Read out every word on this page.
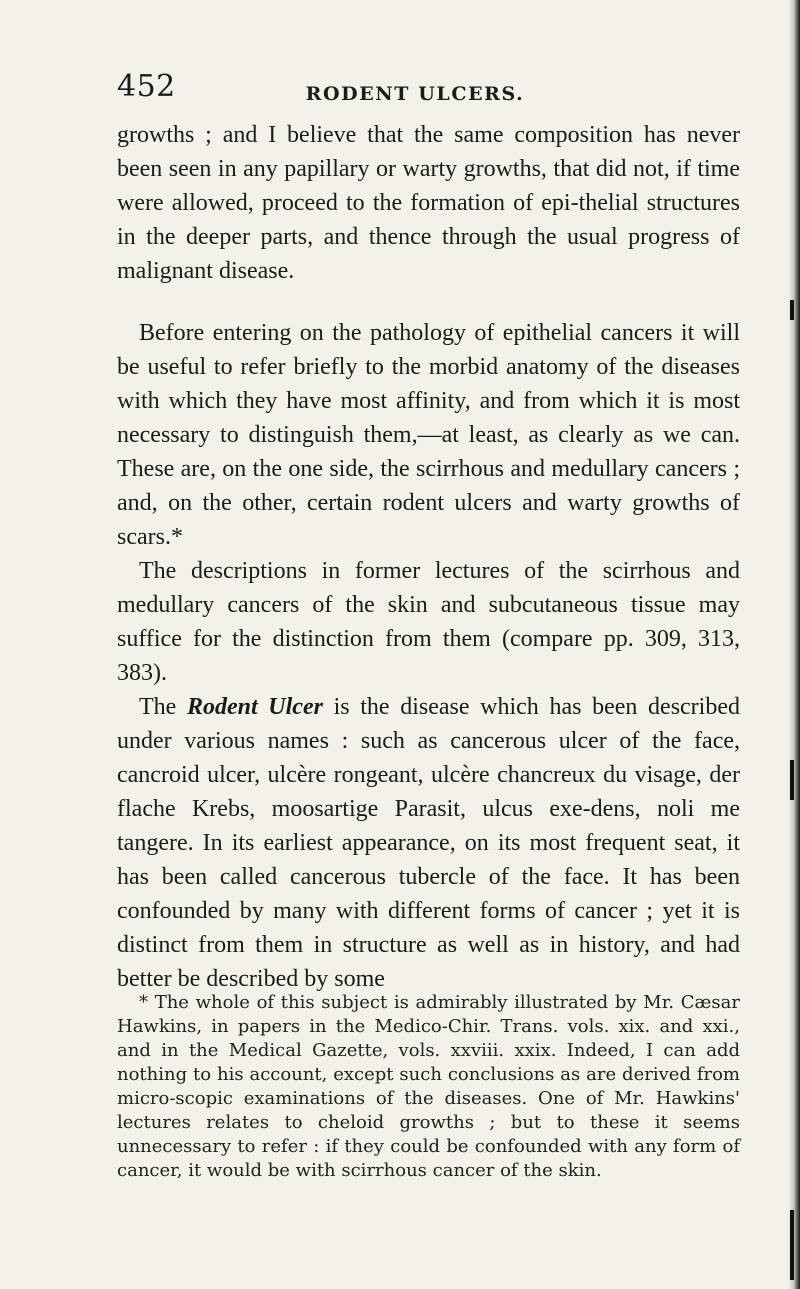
452	RODENT ULCERS.

growths ; and I believe that the same composition has never been seen in any papillary or warty growths, that did not, if time were allowed, proceed to the formation of epi-thelial structures in the deeper parts, and thence through the usual progress of malignant disease.

Before entering on the pathology of epithelial cancers it will be useful to refer briefly to the morbid anatomy of the diseases with which they have most affinity, and from which it is most necessary to distinguish them,—at least, as clearly as we can. These are, on the one side, the scirrhous and medullary cancers ; and, on the other, certain rodent ulcers and warty growths of scars.*

The descriptions in former lectures of the scirrhous and medullary cancers of the skin and subcutaneous tissue may suffice for the distinction from them (compare pp. 309, 313, 383).

The Rodent Ulcer is the disease which has been described under various names : such as cancerous ulcer of the face, cancroid ulcer, ulcère rongeant, ulcère chancreux du visage, der flache Krebs, moosartige Parasit, ulcus exe-dens, noli me tangere. In its earliest appearance, on its most frequent seat, it has been called cancerous tubercle of the face. It has been confounded by many with different forms of cancer ; yet it is distinct from them in structure as well as in history, and had better be described by some

* The whole of this subject is admirably illustrated by Mr. Cæsar Hawkins, in papers in the Medico-Chir. Trans. vols. xix. and xxi., and in the Medical Gazette, vols. xxviii. xxix. Indeed, I can add nothing to his account, except such conclusions as are derived from micro-scopic examinations of the diseases. One of Mr. Hawkins' lectures relates to cheloid growths ; but to these it seems unnecessary to refer : if they could be confounded with any form of cancer, it would be with scirrhous cancer of the skin.
